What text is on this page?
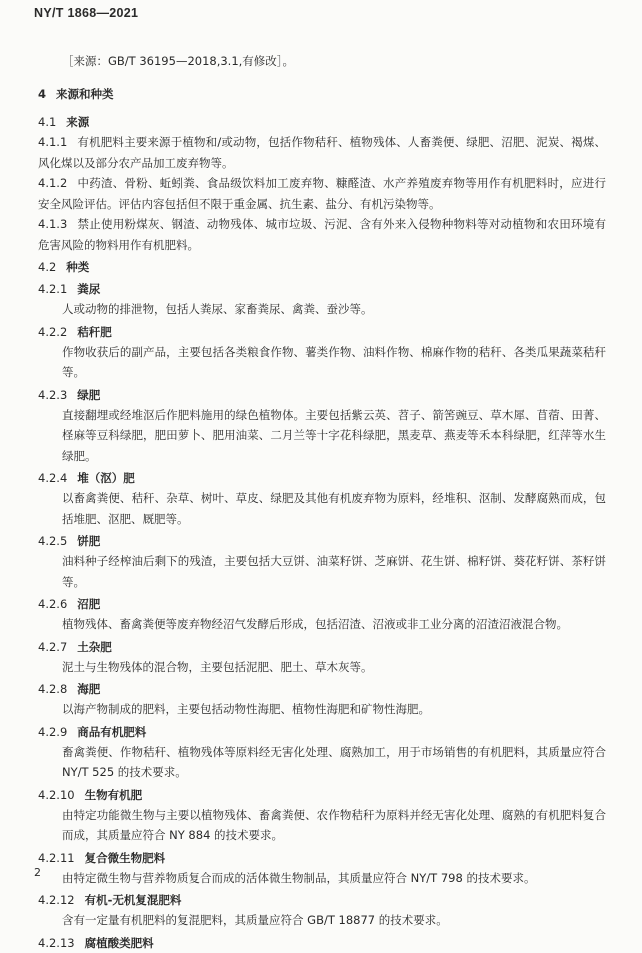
NY/T 1868—2021
［来源：GB/T 36195—2018,3.1,有修改］。
4 来源和种类
4.1 来源

4.1.1 有机肥料主要来源于植物和/或动物，包括作物秸秆、植物残体、人畜粪便、绿肥、沼肥、泥炭、褐煤、风化煤以及部分农产品加工废弃物等。

4.1.2 中药渣、骨粉、蚯蚓粪、食品级饮料加工废弃物、糠醛渣、水产养殖废弃物等用作有机肥料时，应进行安全风险评估。评估内容包括但不限于重金属、抗生素、盐分、有机污染物等。

4.1.3 禁止使用粉煤灰、钢渣、动物残体、城市垃圾、污泥、含有外来入侵物种物料等对动植物和农田环境有危害风险的物料用作有机肥料。

4.2 种类
4.2.1 粪尿

人或动物的排泄物，包括人粪尿、家畜粪尿、禽粪、蚕沙等。

4.2.2 秸秆肥

作物收获后的副产品，主要包括各类粮食作物、薯类作物、油料作物、棉麻作物的秸秆、各类瓜果蔬菜秸秆等。

4.2.3 绿肥

直接翻埋或经堆沤后作肥料施用的绿色植物体。主要包括紫云英、苕子、箭筈豌豆、草木犀、苜蓿、田菁、柽麻等豆科绿肥，肥田萝卜、肥用油菜、二月兰等十字花科绿肥，黑麦草、燕麦等禾本科绿肥，红萍等水生绿肥。

4.2.4 堆（沤）肥

以畜禽粪便、秸秆、杂草、树叶、草皮、绿肥及其他有机废弃物为原料，经堆积、沤制、发酵腐熟而成，包括堆肥、沤肥、厩肥等。

4.2.5 饼肥

油料种子经榨油后剩下的残渣，主要包括大豆饼、油菜籽饼、芝麻饼、花生饼、棉籽饼、葵花籽饼、茶籽饼等。

4.2.6 沼肥

植物残体、畜禽粪便等废弃物经沼气发酵后形成，包括沼渣、沼液或非工业分离的沼渣沼液混合物。

4.2.7 土杂肥

泥土与生物残体的混合物，主要包括泥肥、肥土、草木灰等。

4.2.8 海肥

以海产物制成的肥料，主要包括动物性海肥、植物性海肥和矿物性海肥。

4.2.9 商品有机肥料

畜禽粪便、作物秸秆、植物残体等原料经无害化处理、腐熟加工，用于市场销售的有机肥料，其质量应符合 NY/T 525 的技术要求。

4.2.10 生物有机肥

由特定功能微生物与主要以植物残体、畜禽粪便、农作物秸秆为原料并经无害化处理、腐熟的有机肥料复合而成，其质量应符合 NY 884 的技术要求。

4.2.11 复合微生物肥料

由特定微生物与营养物质复合而成的活体微生物制品，其质量应符合 NY/T 798 的技术要求。

4.2.12 有机-无机复混肥料

含有一定量有机肥料的复混肥料，其质量应符合 GB/T 18877 的技术要求。

4.2.13 腐植酸类肥料
2
